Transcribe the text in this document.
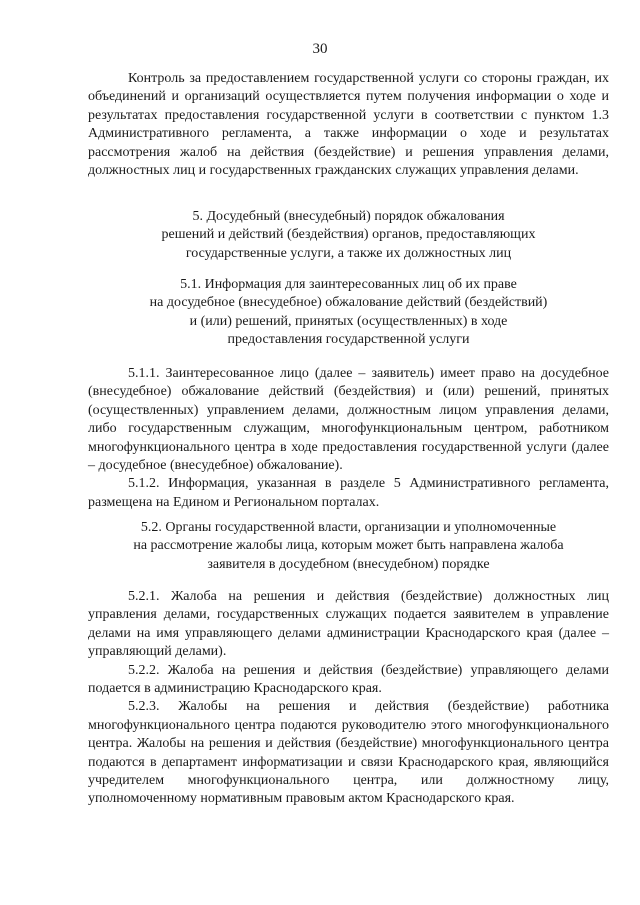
30

Контроль за предоставлением государственной услуги со стороны граждан, их объединений и организаций осуществляется путем получения информации о ходе и результатах предоставления государственной услуги в соответствии с пунктом 1.3 Административного регламента, а также информации о ходе и результатах рассмотрения жалоб на действия (бездействие) и решения управления делами, должностных лиц и государственных гражданских служащих управления делами.

5. Досудебный (внесудебный) порядок обжалования

решений и действий (бездействия) органов, предоставляющих

государственные услуги, а также их должностных лиц

5.1. Информация для заинтересованных лиц об их праве

на досудебное (внесудебное) обжалование действий (бездействий)

и (или) решений, принятых (осуществленных) в ходе

предоставления государственной услуги

5.1.1. Заинтересованное лицо (далее – заявитель) имеет право на досудебное (внесудебное) обжалование действий (бездействия) и (или) решений, принятых (осуществленных) управлением делами, должностным лицом управления делами, либо государственным служащим, многофункциональным центром, работником многофункционального центра в ходе предоставления государственной услуги (далее – досудебное (внесудебное) обжалование).

5.1.2. Информация, указанная в разделе 5 Административного регламента, размещена на Едином и Региональном порталах.

5.2. Органы государственной власти, организации и уполномоченные

на рассмотрение жалобы лица, которым может быть направлена жалоба

заявителя в досудебном (внесудебном) порядке

5.2.1. Жалоба на решения и действия (бездействие) должностных лиц управления делами, государственных служащих подается заявителем в управление делами на имя управляющего делами администрации Краснодарского края (далее – управляющий делами).

5.2.2. Жалоба на решения и действия (бездействие) управляющего делами подается в администрацию Краснодарского края.

5.2.3. Жалобы на решения и действия (бездействие) работника многофункционального центра подаются руководителю этого многофункционального центра. Жалобы на решения и действия (бездействие) многофункционального центра подаются в департамент информатизации и связи Краснодарского края, являющийся учредителем многофункционального центра, или должностному лицу, уполномоченному нормативным правовым актом Краснодарского края.
